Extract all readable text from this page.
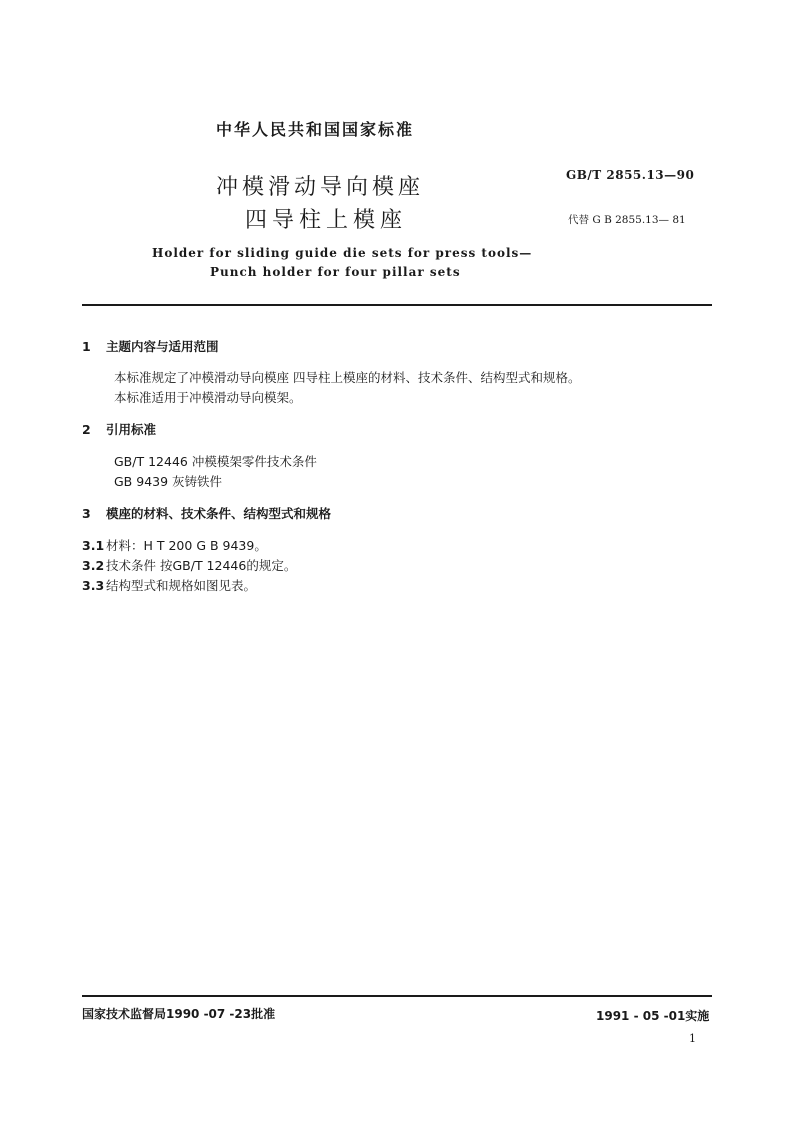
中华人民共和国国家标准
冲模滑动导向模座
四导柱上模座
GB/T 2855.13—90
代替 G B 2855.13— 81
Holder for sliding guide die sets for press tools—
Punch holder for four pillar sets
1 主题内容与适用范围
本标准规定了冲模滑动导向模座 四导柱上模座的材料、技术条件、结构型式和规格。
本标准适用于冲模滑动导向模架。
2 引用标准
GB/T 12446 冲模模架零件技术条件
GB 9439 灰铸铁件
3 模座的材料、技术条件、结构型式和规格
3.1 材料：H T 200 G B 9439。
3.2 技术条件 按GB/T 12446的规定。
3.3 结构型式和规格如图见表。
国家技术监督局1990 -07 -23批准	1991 - 05 -01实施
1
